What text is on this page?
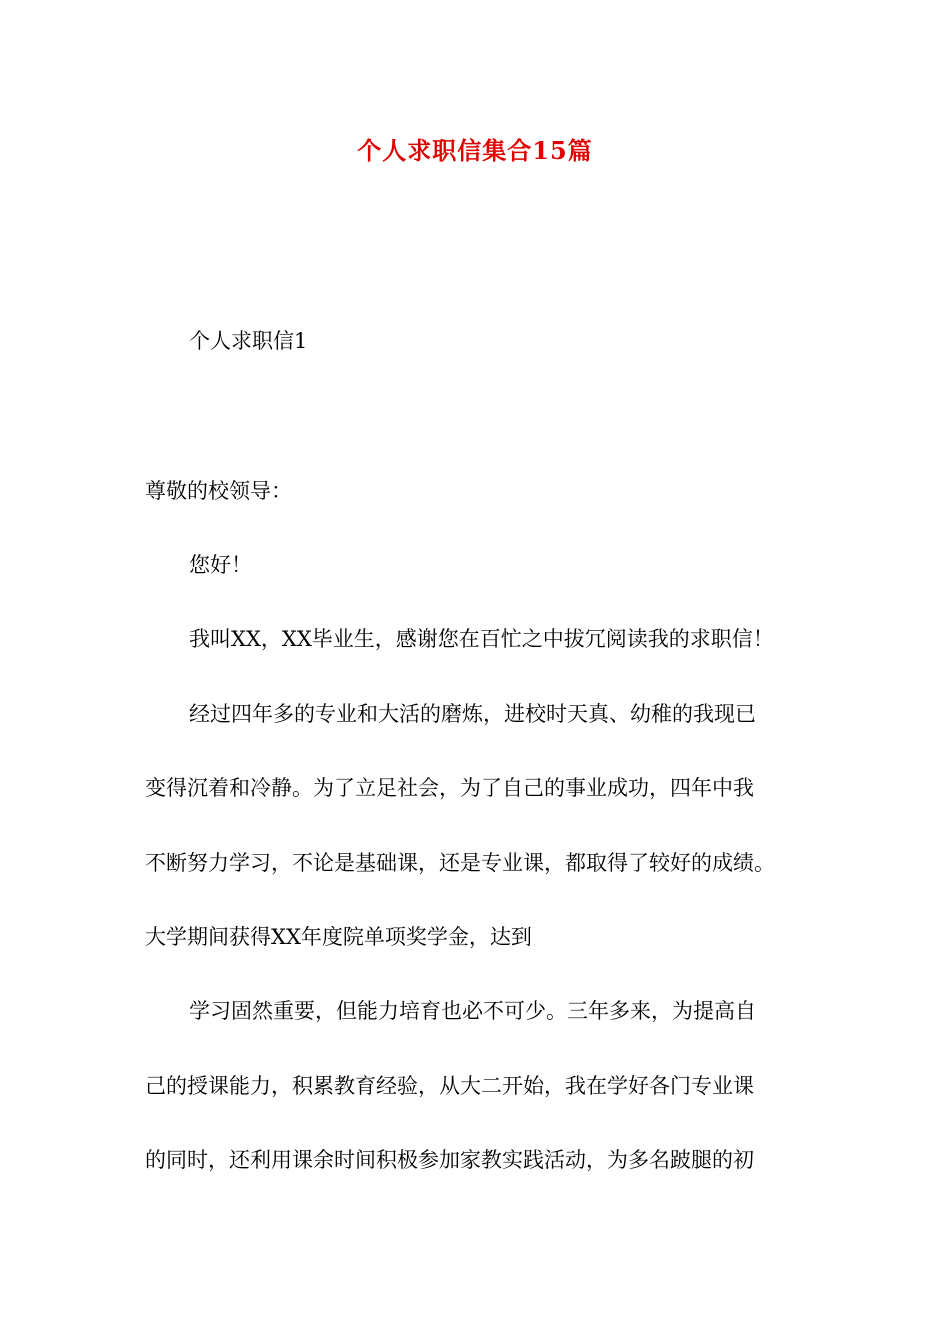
个人求职信集合15篇

个人求职信1

尊敬的校领导：

您好！

我叫XX，XX毕业生，感谢您在百忙之中拔冗阅读我的求职信！

经过四年多的专业和大活的磨炼，进校时天真、幼稚的我现已

变得沉着和冷静。为了立足社会，为了自己的事业成功，四年中我

不断努力学习，不论是基础课，还是专业课，都取得了较好的成绩。

大学期间获得XX年度院单项奖学金，达到

学习固然重要，但能力培育也必不可少。三年多来，为提高自

己的授课能力，积累教育经验，从大二开始，我在学好各门专业课

的同时，还利用课余时间积极参加家教实践活动，为多名跛腿的初
